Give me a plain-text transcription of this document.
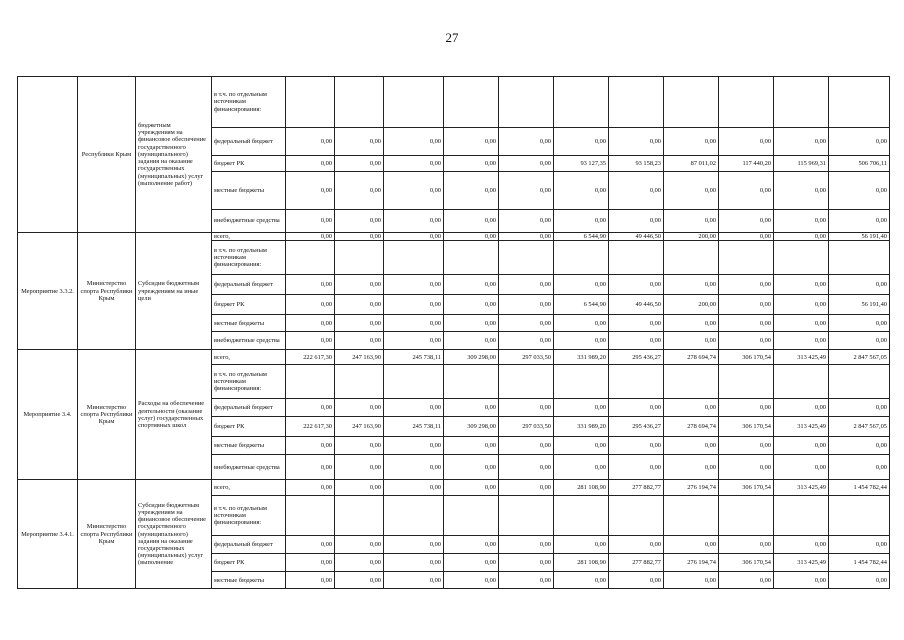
27
	Республики Крым	бюджетным учреждениям на финансовое обеспечение государственного (муниципального) задания на оказание государственных (муниципальных) услуг (выполнение работ)	в т.ч. по отдельным источникам финансирования:											
			федеральный бюджет	0,00	0,00	0,00	0,00	0,00	0,00	0,00	0,00	0,00	0,00	0,00
			бюджет РК	0,00	0,00	0,00	0,00	0,00	93 127,35	93 158,23	87 011,02	117 440,20	115 969,31	506 706,11
			местные бюджеты	0,00	0,00	0,00	0,00	0,00	0,00	0,00	0,00	0,00	0,00	0,00
			внебюджетные средства	0,00	0,00	0,00	0,00	0,00	0,00	0,00	0,00	0,00	0,00	0,00
Мероприятие 3.3.2.	Министерство спорта Республики Крым	Субсидии бюджетным учреждениям на иные цели	всего,	0,00	0,00	0,00	0,00	0,00	6 544,90	49 446,50	200,00	0,00	0,00	56 191,40
			в т.ч. по отдельным источникам финансирования:											
			федеральный бюджет	0,00	0,00	0,00	0,00	0,00	0,00	0,00	0,00	0,00	0,00	0,00
			бюджет РК	0,00	0,00	0,00	0,00	0,00	6 544,90	49 446,50	200,00	0,00	0,00	56 191,40
			местные бюджеты	0,00	0,00	0,00	0,00	0,00	0,00	0,00	0,00	0,00	0,00	0,00
			внебюджетные средства	0,00	0,00	0,00	0,00	0,00	0,00	0,00	0,00	0,00	0,00	0,00
Мероприятие 3.4.	Министерство спорта Республики Крым	Расходы на обеспечение деятельности (оказание услуг) государственных спортивных школ	всего,	222 617,30	247 163,90	245 738,11	309 298,00	297 033,50	331 989,20	295 436,27	278 694,74	306 170,54	313 425,49	2 847 567,05
			в т.ч. по отдельным источникам финансирования:											
			федеральный бюджет	0,00	0,00	0,00	0,00	0,00	0,00	0,00	0,00	0,00	0,00	0,00
			бюджет РК	222 617,30	247 163,90	245 738,11	309 298,00	297 033,50	331 989,20	295 436,27	278 694,74	306 170,54	313 425,49	2 847 567,05
			местные бюджеты	0,00	0,00	0,00	0,00	0,00	0,00	0,00	0,00	0,00	0,00	0,00
			внебюджетные средства	0,00	0,00	0,00	0,00	0,00	0,00	0,00	0,00	0,00	0,00	0,00
Мероприятие 3.4.1.	Министерство спорта Республики Крым	Субсидии бюджетным учреждениям на финансовое обеспечение государственного (муниципального) задания на оказание государственных (муниципальных) услуг (выполнение	всего,	0,00	0,00	0,00	0,00	0,00	281 108,90	277 882,77	276 194,74	306 170,54	313 425,49	1 454 782,44
			в т.ч. по отдельным источникам финансирования:											
			федеральный бюджет	0,00	0,00	0,00	0,00	0,00	0,00	0,00	0,00	0,00	0,00	0,00
			бюджет РК	0,00	0,00	0,00	0,00	0,00	281 108,90	277 882,77	276 194,74	306 170,54	313 425,49	1 454 782,44
			местные бюджеты	0,00	0,00	0,00	0,00	0,00	0,00	0,00	0,00	0,00	0,00	0,00
